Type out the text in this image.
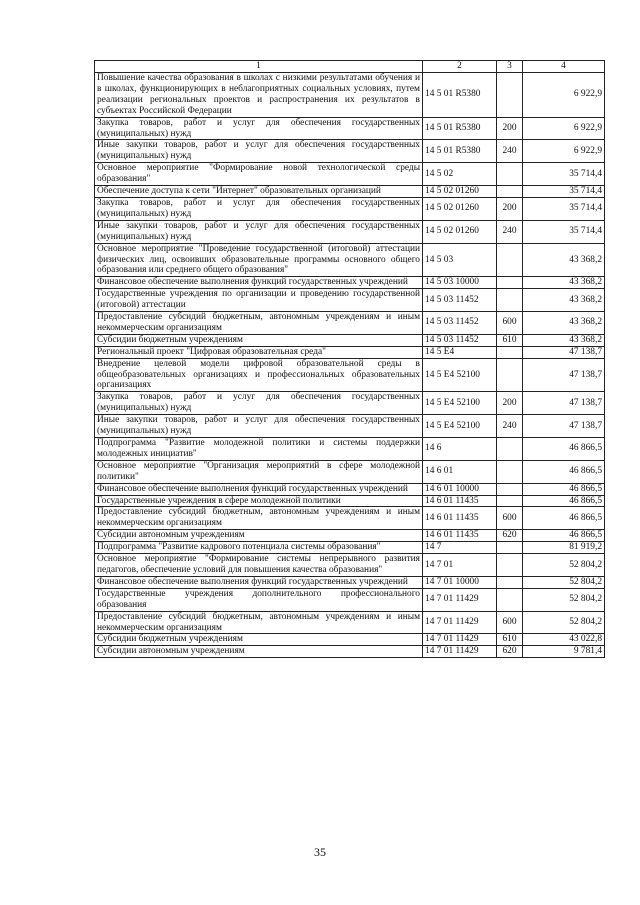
1	2	3	4
Повышение качества образования в школах с низкими результатами обучения и в школах, функционирующих в неблагоприятных социальных условиях, путем реализации региональных проектов и распространения их результатов в субъектах Российской Федерации	14 5 01 R5380		6 922,9
Закупка товаров, работ и услуг для обеспечения государственных (муниципальных) нужд	14 5 01 R5380	200	6 922,9
Иные закупки товаров, работ и услуг для обеспечения государственных (муниципальных) нужд	14 5 01 R5380	240	6 922,9
Основное мероприятие "Формирование новой технологической среды образования"	14 5 02		35 714,4
Обеспечение доступа к сети "Интернет" образовательных организаций	14 5 02 01260		35 714,4
Закупка товаров, работ и услуг для обеспечения государственных (муниципальных) нужд	14 5 02 01260	200	35 714,4
Иные закупки товаров, работ и услуг для обеспечения государственных (муниципальных) нужд	14 5 02 01260	240	35 714,4
Основное мероприятие "Проведение государственной (итоговой) аттестации физических лиц, освоивших образовательные программы основного общего образования или среднего общего образования"	14 5 03		43 368,2
Финансовое обеспечение выполнения функций государственных учреждений	14 5 03 10000		43 368,2
Государственные учреждения по организации и проведению государственной (итоговой) аттестации	14 5 03 11452		43 368,2
Предоставление субсидий бюджетным, автономным учреждениям и иным некоммерческим организациям	14 5 03 11452	600	43 368,2
Субсидии бюджетным учреждениям	14 5 03 11452	610	43 368,2
Региональный проект "Цифровая образовательная среда"	14 5 E4		47 138,7
Внедрение целевой модели цифровой образовательной среды в общеобразовательных организациях и профессиональных образовательных организациях	14 5 E4 52100		47 138,7
Закупка товаров, работ и услуг для обеспечения государственных (муниципальных) нужд	14 5 E4 52100	200	47 138,7
Иные закупки товаров, работ и услуг для обеспечения государственных (муниципальных) нужд	14 5 E4 52100	240	47 138,7
Подпрограмма "Развитие молодежной политики и системы поддержки молодежных инициатив"	14 6		46 866,5
Основное мероприятие "Организация мероприятий в сфере молодежной политики"	14 6 01		46 866,5
Финансовое обеспечение выполнения функций государственных учреждений	14 6 01 10000		46 866,5
Государственные учреждения в сфере молодежной политики	14 6 01 11435		46 866,5
Предоставление субсидий бюджетным, автономным учреждениям и иным некоммерческим организациям	14 6 01 11435	600	46 866,5
Субсидии автономным учреждениям	14 6 01 11435	620	46 866,5
Подпрограмма "Развитие кадрового потенциала системы образования"	14 7		81 919,2
Основное мероприятие "Формирование системы непрерывного развития педагогов, обеспечение условий для повышения качества образования"	14 7 01		52 804,2
Финансовое обеспечение выполнения функций государственных учреждений	14 7 01 10000		52 804,2
Государственные учреждения дополнительного профессионального образования	14 7 01 11429		52 804,2
Предоставление субсидий бюджетным, автономным учреждениям и иным некоммерческим организациям	14 7 01 11429	600	52 804,2
Субсидии бюджетным учреждениям	14 7 01 11429	610	43 022,8
Субсидии автономным учреждениям	14 7 01 11429	620	9 781,4
35
